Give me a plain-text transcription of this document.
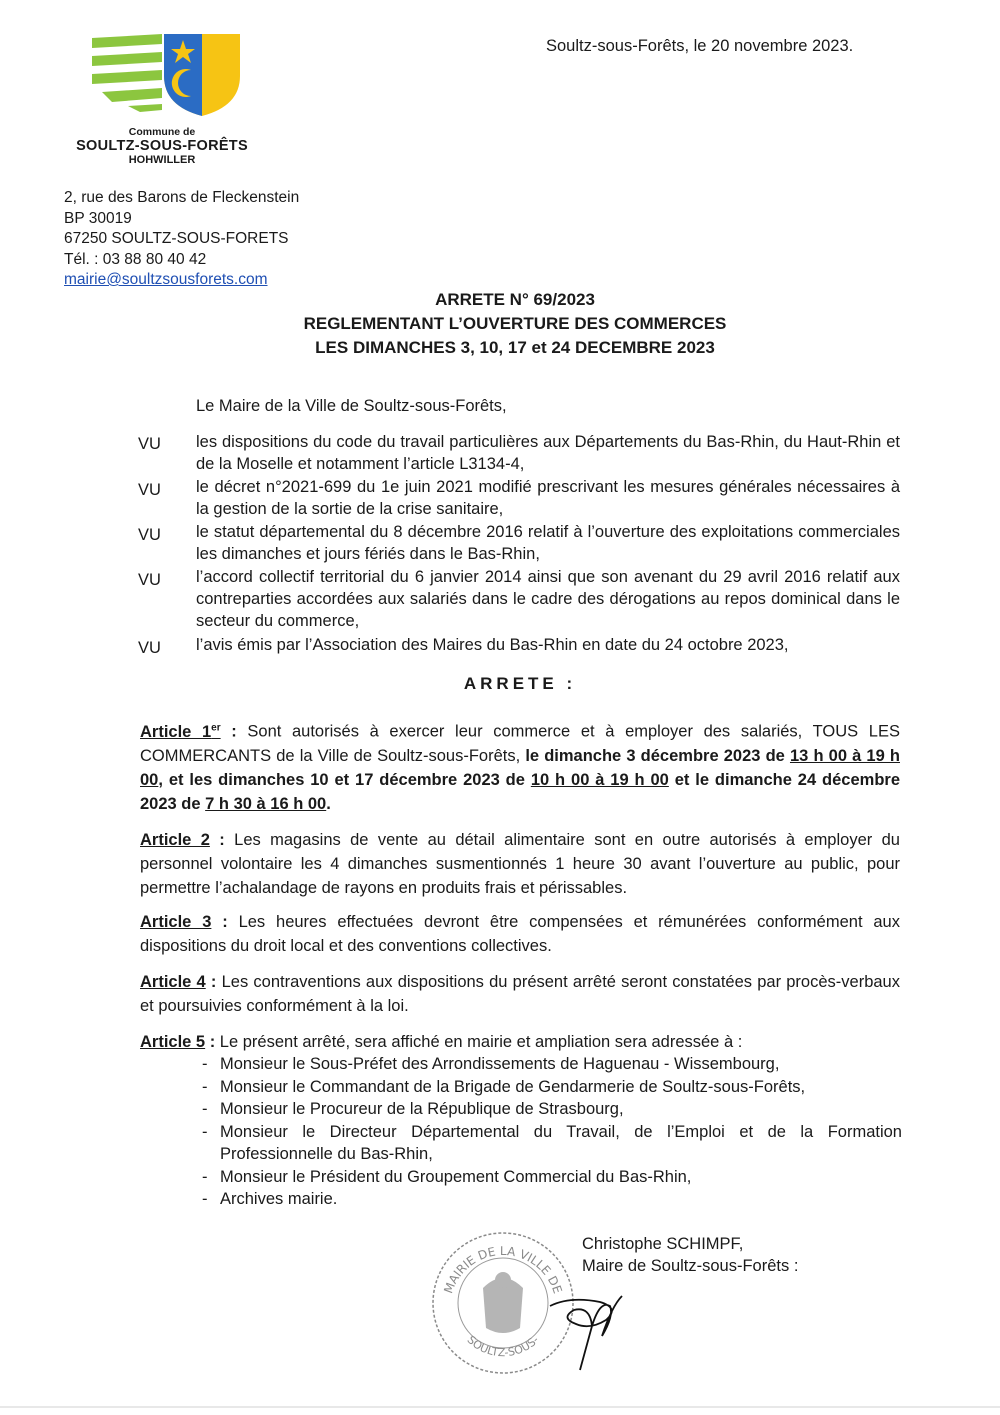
Commune de
SOULTZ-SOUS-FORÊTS
HOHWILLER
Soultz-sous-Forêts, le 20 novembre 2023.
2, rue des Barons de Fleckenstein
BP 30019
67250 SOULTZ-SOUS-FORETS
Tél. : 03 88 80 40 42
mairie@soultzsousforets.com
ARRETE N° 69/2023
REGLEMENTANT L’OUVERTURE DES COMMERCES
LES DIMANCHES 3, 10, 17 et 24 DECEMBRE 2023
Le Maire de la Ville de Soultz-sous-Forêts,
VU les dispositions du code du travail particulières aux Départements du Bas-Rhin, du Haut-Rhin et de la Moselle et notamment l’article L3134-4,
VU le décret n°2021-699 du 1e juin 2021 modifié prescrivant les mesures générales nécessaires à la gestion de la sortie de la crise sanitaire,
VU le statut départemental du 8 décembre 2016 relatif à l’ouverture des exploitations commerciales les dimanches et jours fériés dans le Bas-Rhin,
VU l’accord collectif territorial du 6 janvier 2014 ainsi que son avenant du 29 avril 2016 relatif aux contreparties accordées aux salariés dans le cadre des dérogations au repos dominical dans le secteur du commerce,
VU l’avis émis par l’Association des Maires du Bas-Rhin en date du 24 octobre 2023,
ARRETE :
Article 1er : Sont autorisés à exercer leur commerce et à employer des salariés, TOUS LES COMMERCANTS de la Ville de Soultz-sous-Forêts, le dimanche 3 décembre 2023 de 13 h 00 à 19 h 00, et les dimanches 10 et 17 décembre 2023 de 10 h 00 à 19 h 00 et le dimanche 24 décembre 2023 de 7 h 30 à 16 h 00.
Article 2 : Les magasins de vente au détail alimentaire sont en outre autorisés à employer du personnel volontaire les 4 dimanches susmentionnés 1 heure 30 avant l’ouverture au public, pour permettre l’achalandage de rayons en produits frais et périssables.
Article 3 : Les heures effectuées devront être compensées et rémunérées conformément aux dispositions du droit local et des conventions collectives.
Article 4 : Les contraventions aux dispositions du présent arrêté seront constatées par procès-verbaux et poursuivies conformément à la loi.
Article 5 : Le présent arrêté, sera affiché en mairie et ampliation sera adressée à :
- Monsieur le Sous-Préfet des Arrondissements de Haguenau - Wissembourg,
- Monsieur le Commandant de la Brigade de Gendarmerie de Soultz-sous-Forêts,
- Monsieur le Procureur de la République de Strasbourg,
- Monsieur le Directeur Départemental du Travail, de l’Emploi et de la Formation Professionnelle du Bas-Rhin,
- Monsieur le Président du Groupement Commercial du Bas-Rhin,
- Archives mairie.
MAIRIE DE LA VILLE DE
SOULTZ-SOUS-
Christophe SCHIMPF,
Maire de Soultz-sous-Forêts :
